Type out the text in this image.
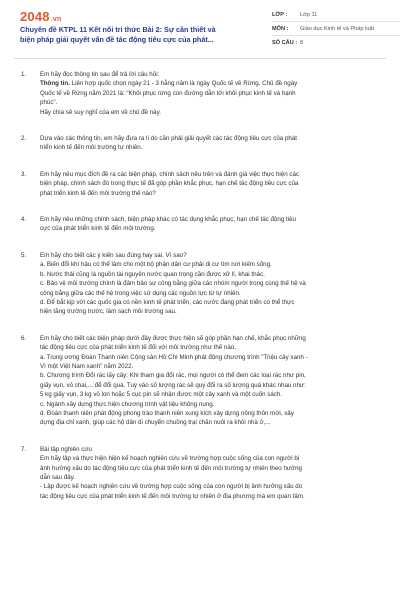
2048.vn
Chuyên đề KTPL 11 Kết nối tri thức Bài 2: Sự cần thiết và
biện pháp giải quyết vấn đề tác động tiêu cực của phát...
LỚP :	Lớp 11
MÔN :	Giáo dục Kinh tế và Pháp luật
SỐ CÂU : 8
1. Em hãy đọc thông tin sau để trả lời câu hỏi:
Thông tin. Liên hợp quốc chọn ngày 21 - 3 hằng năm là ngày Quốc tế về Rừng. Chủ đề ngày
Quốc tế về Rừng năm 2021 là: "Khôi phục rừng con đường dẫn tới khôi phục kinh tế và hạnh
phúc".
Hãy chia sẻ suy nghĩ của em về chủ đề này.
2. Dựa vào các thông tin, em hãy đưa ra lí do cần phải giải quyết các tác động tiêu cực của phát
triển kinh tế đến môi trường tự nhiên.
3. Em hãy nêu mục đích đề ra các biện pháp, chính sách nêu trên và đánh giá việc thực hiện các
biện pháp, chính sách đó trong thực tế đã góp phần khắc phục, hạn chế tác động tiêu cực của
phát triển kinh tế đến môi trường thế nào?
4. Em hãy nêu những chính sách, biện pháp khác có tác dụng khắc phục, hạn chế tác động tiêu
cực của phát triển kinh tế đến môi trường.
5. Em hãy cho biết các ý kiến sau đúng hay sai. Vì sao?
a. Biến đổi khí hậu có thể làm cho một bộ phận dân cư phải di cư tìm nơi kiếm sống.
b. Nước thải cũng là nguồn tài nguyên nước quan trọng cần được xử lí, khai thác.
c. Bảo vệ môi trường chính là đảm bảo sự công bằng giữa các nhóm người trong cùng thế hệ và
công bằng giữa các thế hệ trong việc sử dụng các nguồn lực từ tự nhiên.
d. Để bắt kịp với các quốc gia có nền kinh tế phát triển, các nước đang phát triển có thể thực
hiện tăng trưởng trước, làm sạch môi trường sau.
6. Em hãy cho biết các biện pháp dưới đây được thực hiện sẽ góp phần hạn chế, khắc phục những
tác động tiêu cực của phát triển kinh tế đối với môi trường như thế nào.
a. Trung ương Đoàn Thanh niên Cộng sản Hồ Chí Minh phát động chương trình "Triệu cây xanh -
Vì một Việt Nam xanh" năm 2022.
b. Chương trình Đổi rác lấy cây: Khi tham gia đổi rác, mọi người có thể đem các loại rác như pin,
giấy vụn, vỏ chai,... để đổi quà. Tuỳ vào số lượng rác sẽ quy đổi ra số lượng quà khác nhau như:
5 kg giấy vụn, 3 kg vỏ lon hoặc 5 cục pin sẽ nhận được một cây xanh và một cuốn sách.
c. Ngành xây dựng thực hiện chương trình vật liệu không nung.
d. Đoàn thanh niên phát động phong trào thanh niên xung kích xây dựng nông thôn mới, xây
dựng địa chỉ xanh, giúp các hộ dân di chuyển chuồng trại chăn nuôi ra khỏi nhà ở,...
7. Bài tập nghiên cứu
Em hãy lập và thực hiện hiện kế hoạch nghiên cứu về trường hợp cuộc sống của con người bị
ảnh hưởng xấu do tác động tiêu cực của phát triển kinh tế đến môi trường tự nhiên theo hướng
dẫn sau đây.
- Lập được kế hoạch nghiên cứu về trường hợp cuộc sống của con người bị ảnh hưởng xấu do
tác động tiêu cực của phát triển kinh tế đến môi trường tự nhiên ở địa phương mà em quan tâm.
